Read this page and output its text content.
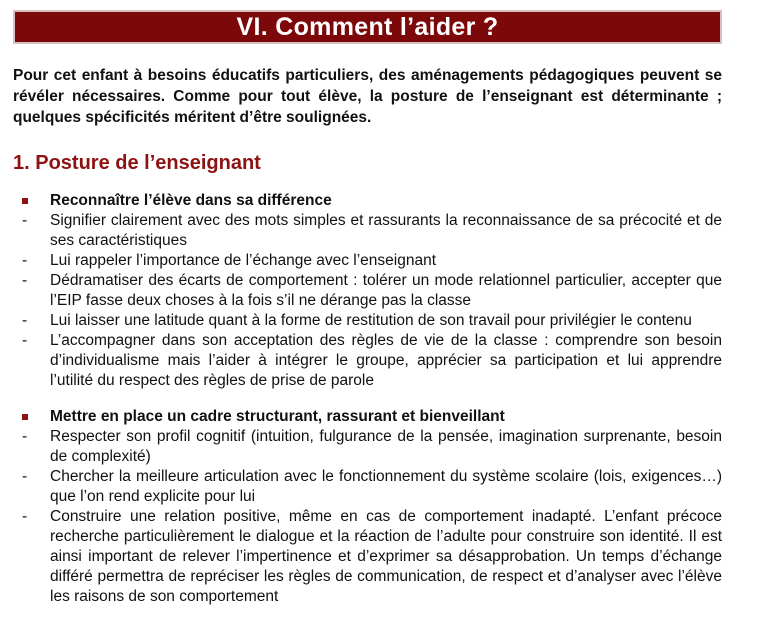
VI. Comment l’aider ?

Pour cet enfant à besoins éducatifs particuliers, des aménagements pédagogiques peuvent se révéler nécessaires. Comme pour tout élève, la posture de l’enseignant est déterminante ; quelques spécificités méritent d’être soulignées.

1. Posture de l’enseignant
Reconnaître l’élève dans sa différence
- Signifier clairement avec des mots simples et rassurants la reconnaissance de sa précocité et de ses caractéristiques
- Lui rappeler l’importance de l’échange avec l’enseignant
- Dédramatiser des écarts de comportement : tolérer un mode relationnel particulier, accepter que l’EIP fasse deux choses à la fois s’il ne dérange pas la classe
- Lui laisser une latitude quant à la forme de restitution de son travail pour privilégier le contenu
- L’accompagner dans son acceptation des règles de vie de la classe : comprendre son besoin d’individualisme mais l’aider à intégrer le groupe, apprécier sa participation et lui apprendre l’utilité du respect des règles de prise de parole
Mettre en place un cadre structurant, rassurant et bienveillant
- Respecter son profil cognitif (intuition, fulgurance de la pensée, imagination surprenante, besoin de complexité)
- Chercher la meilleure articulation avec le fonctionnement du système scolaire (lois, exigences…) que l’on rend explicite pour lui
- Construire une relation positive, même en cas de comportement inadapté. L’enfant précoce recherche particulièrement le dialogue et la réaction de l’adulte pour construire son identité. Il est ainsi important de relever l’impertinence et d’exprimer sa désapprobation. Un temps d’échange différé permettra de repréciser les règles de communication, de respect et d’analyser avec l’élève les raisons de son comportement
